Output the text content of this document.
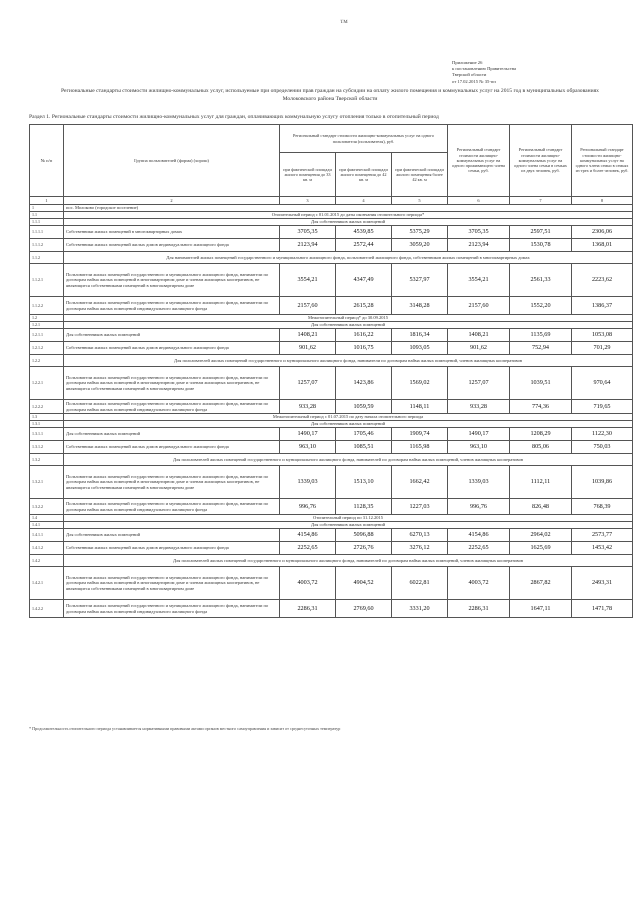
™
Приложение 26
к постановлению Правительства
Тверской области
от 17.02.2015 № 35-пп
Региональные стандарты стоимости жилищно-коммунальных услуг, используемые при определении прав граждан на субсидии на оплату жилого помещения и коммунальных услуг на 2015 год в муниципальных образованиях Молоковского района Тверской области
Раздел 1. Региональные стандарты стоимости жилищно-коммунальных услуг для граждан, оплачивающих коммунальную услугу отопления только в отопительный период
№ п/п	Группа пользователей (форма) (хорош)	Региональный стандарт стоимости жилищно-коммунальных услуг на одного пользователя (пользователя), руб.			Региональный стандарт стоимости жилищно-коммунальных услуг на одного проживающего члена семьи, руб.	Региональный стандарт стоимости жилищно-коммунальных услуг на одного члена семьи в семьях из двух человек, руб.	Региональный стандарт стоимости жилищно-коммунальных услуг на одного члена семьи в семьях из трех и более человек, руб.
		при фактической площади жилого помещения до 33 кв. м	при фактической площади жилого помещения до 42 кв. м	при фактической площади жилого помещения более 42 кв. м			
1	2	3	4	5	6	7	8
1	пос. Молоково (городское поселение)						
1.1	Отопительный период с 01.01.2015 до даты окончания отопительного периода*						
1.1.1	Для собственников жилых помещений						
1.1.1.1	Собственники жилых помещений в многоквартирных домах	3705,35	4539,85	5375,29	3705,35	2597,51	2306,06
1.1.1.2	Собственники жилых помещений жилых домов индивидуального жилищного фонда	2123,94	2572,44	3059,20	2123,94	1530,78	1368,01
1.1.2	Для нанимателей жилых помещений государственного и муниципального жилищного фонда, пользователей жилищного фонда, собственников жилых помещений в многоквартирных домах						
1.1.2.1	Пользователи жилых помещений государственного и муниципального жилищного фонда, наниматели по договорам найма жилых помещений в многоквартирном доме и членам жилищных кооперативов, не являющиеся собственниками помещений в многоквартирном доме	3554,21	4347,49	5327,97	3554,21	2561,33	2223,62
1.1.2.2	Пользователи жилых помещений государственного и муниципального жилищного фонда, наниматели по договорам найма жилых помещений индивидуального жилищного фонда	2157,60	2615,28	3148,28	2157,60	1552,20	1386,37
1.2	Межотопительный период* до 30.09.2015						
1.2.1	Для собственников жилых помещений						
1.2.1.1	Для собственников жилых помещений	1408,21	1616,22	1816,34	1408,21	1135,69	1053,08
1.2.1.2	Собственники жилых помещений жилых домов индивидуального жилищного фонда	901,62	1016,75	1093,05	901,62	752,94	701,29
1.2.2	Для пользователей жилых помещений государственного и муниципального жилищного фонда, наниматели по договорам найма жилых помещений, членов жилищных кооперативов						
1.2.2.1	Пользователи жилых помещений государственного и муниципального жилищного фонда, наниматели по договорам найма жилых помещений в многоквартирном доме и членам жилищных кооперативов, не являющиеся собственниками помещений в многоквартирном доме	1257,07	1423,86	1569,02	1257,07	1039,51	970,64
1.2.2.2	Пользователи жилых помещений государственного и муниципального жилищного фонда, наниматели по договорам найма жилых помещений индивидуального жилищного фонда	933,28	1059,59	1148,11	933,28	774,36	719,65
1.3	Межотопительный период с 01.07.2015 по дату начала отопительного периода						
1.3.1	Для собственников жилых помещений						
1.3.1.1	Для собственников жилых помещений	1490,17	1705,46	1909,74	1490,17	1208,29	1122,30
1.3.1.2	Собственники жилых помещений жилых домов индивидуального жилищного фонда	963,10	1085,51	1165,98	963,10	805,06	750,03
1.3.2	Для пользователей жилых помещений государственного и муниципального жилищного фонда, нанимателей по договорам найма жилых помещений, членов жилищных кооперативов						
1.3.2.1	Пользователи жилых помещений государственного и муниципального жилищного фонда, наниматели по договорам найма жилых помещений в многоквартирном доме и членам жилищных кооперативов, не являющиеся собственниками помещений в многоквартирном доме	1339,03	1513,10	1662,42	1339,03	1112,11	1039,86
1.3.2.2	Пользователи жилых помещений государственного и муниципального жилищного фонда, наниматели по договорам найма жилых помещений индивидуального жилищного фонда	996,76	1128,35	1227,03	996,76	826,48	768,39
1.4	Отопительный период по 31.12.2015						
1.4.1	Для собственников жилых помещений						
1.4.1.1	Для собственников жилых помещений	4154,86	5096,88	6270,13	4154,86	2964,02	2573,77
1.4.1.2	Собственники жилых помещений жилых домов индивидуального жилищного фонда	2252,65	2726,76	3276,12	2252,65	1625,69	1453,42
1.4.2	Для пользователей жилых помещений государственного и муниципального жилищного фонда, нанимателей по договорам найма жилых помещений, членов жилищных кооперативов						
1.4.2.1	Пользователи жилых помещений государственного и муниципального жилищного фонда, наниматели по договорам найма жилых помещений в многоквартирном доме и членам жилищных кооперативов, не являющиеся собственниками помещений в многоквартирном доме	4003,72	4904,52	6022,81	4003,72	2867,82	2493,31
1.4.2.2	Пользователи жилых помещений государственного и муниципального жилищного фонда, наниматели по договорам найма жилых помещений индивидуального жилищного фонда	2286,31	2769,60	3331,20	2286,31	1647,11	1471,78
* Продолжительность отопительного периода устанавливается нормативными правовыми актами органов местного самоуправления и зависит от среднесуточных температур
